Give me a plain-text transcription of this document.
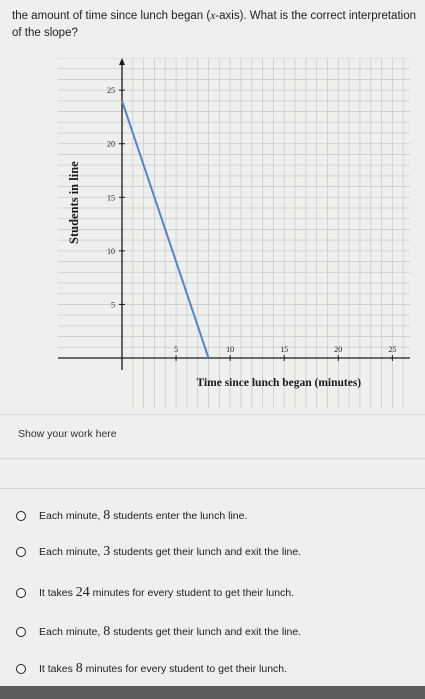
the amount of time since lunch began (x-axis). What is the correct interpretation of the slope?
5	10	15	20	25
5
10
15
20
25
Time since lunch began (minutes)
Students in line
Show your work here
Each minute, 8 students enter the lunch line.
Each minute, 3 students get their lunch and exit the line.
It takes 24 minutes for every student to get their lunch.
Each minute, 8 students get their lunch and exit the line.
It takes 8 minutes for every student to get their lunch.
